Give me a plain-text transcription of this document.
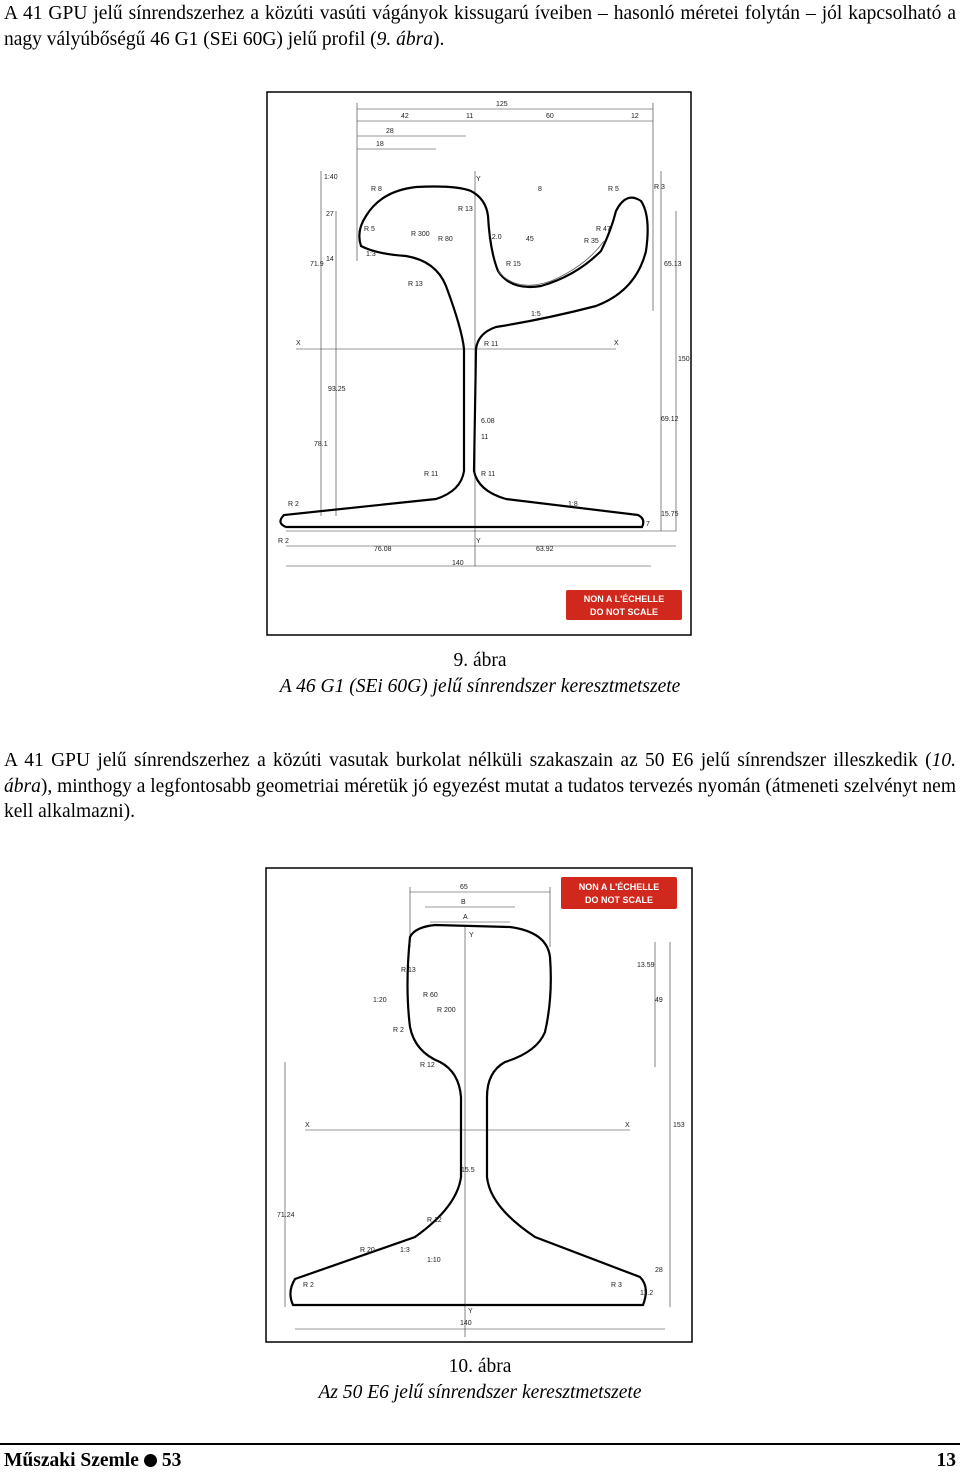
A 41 GPU jelű sínrendszerhez a közúti vasúti vágányok kissugarú íveiben – hasonló méretei folytán – jól kapcsolható a nagy vályúbőségű 46 G1 (SEi 60G) jelű profil (9. ábra).

125
42	11	60	12
28
18
1:40
R 8
R 5
R 300
R 80
R 13
27
14
71.9
1:3
R 13
Y
12.0
8	R 5	R 3
R 47
R 35
R 15
45
65.13
1:5
X	R 11	X
150
93.25
6.08
11
69.12
78.1
R 11	R 11
R 2	1:8
R 2
15.75
7
76.08	63.92
Y
140
NON A L'ÉCHELLE
DO NOT SCALE
9. ábra
A 46 G1 (SEi 60G) jelű sínrendszer keresztmetszete

A 41 GPU jelű sínrendszerhez a közúti vasutak burkolat nélküli szakaszain az 50 E6 jelű sínrendszer illeszkedik (10. ábra), minthogy a legfontosabb geometriai méretük jó egyezést mutat a tudatos tervezés nyomán (átmeneti szelvényt nem kell alkalmazni).

NON A L'ÉCHELLE
DO NOT SCALE
65
B
A
Y
R 13
R 60
R 200
13.59
1:20	49
R 2
R 12
X	X	153
15.5
71.24
R 12
R 20	1:3
1:10
R 2	R 3
28
11.2
Y
140
10. ábra
Az 50 E6 jelű sínrendszer keresztmetszete
Műszaki Szemle 53	13
